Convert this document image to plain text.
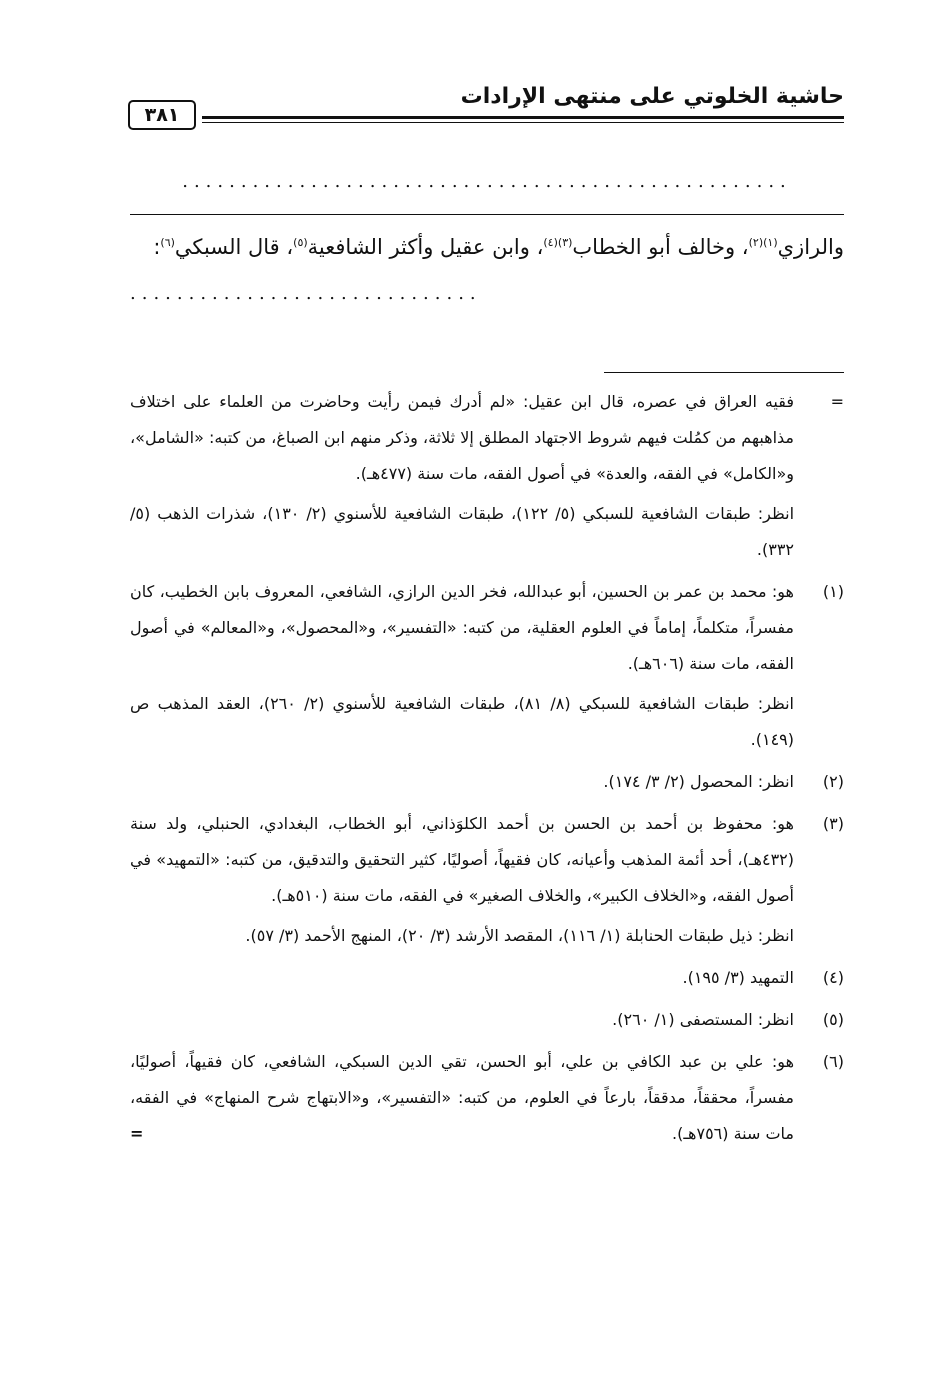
حاشية الخلوتي على منتهى الإرادات
٣٨١
....................................................
والرازي$^{(١)(٢)}$، وخالف أبو الخطاب$^{(٣)(٤)}$، وابن عقيل وأكثر الشافعية$^{(٥)}$، قال السبكي$^{(٦)}$:
..............................
=

فقيه العراق في عصره، قال ابن عقيل: «لم أدرك فيمن رأيت وحاضرت من العلماء على اختلاف مذاهبهم من كمُلت فيهم شروط الاجتهاد المطلق إلا ثلاثة، وذكر منهم ابن الصباغ، من كتبه: «الشامل»، و«الكامل» في الفقه، والعدة» في أصول الفقه، مات سنة (٤٧٧هـ).

انظر: طبقات الشافعية للسبكي (٥/ ١٢٢)، طبقات الشافعية للأسنوي (٢/ ١٣٠)، شذرات الذهب (٥/ ٣٣٢).

(١)

هو: محمد بن عمر بن الحسين، أبو عبدالله، فخر الدين الرازي، الشافعي، المعروف بابن الخطيب، كان مفسراً، متكلماً، إماماً في العلوم العقلية، من كتبه: «التفسير»، و«المحصول»، و«المعالم» في أصول الفقه، مات سنة (٦٠٦هـ).

انظر: طبقات الشافعية للسبكي (٨/ ٨١)، طبقات الشافعية للأسنوي (٢/ ٢٦٠)، العقد المذهب ص (١٤٩).

(٢)

انظر: المحصول (٢/ ٣/ ١٧٤).

(٣)

هو: محفوظ بن أحمد بن الحسن بن أحمد الكلوَذاني، أبو الخطاب، البغدادي، الحنبلي، ولد سنة (٤٣٢هـ)، أحد أئمة المذهب وأعيانه، كان فقيهاً، أصوليًا، كثير التحقيق والتدقيق، من كتبه: «التمهيد» في أصول الفقه، و«الخلاف الكبير»، والخلاف الصغير» في الفقه، مات سنة (٥١٠هـ).

انظر: ذيل طبقات الحنابلة (١/ ١١٦)، المقصد الأرشد (٣/ ٢٠)، المنهج الأحمد (٣/ ٥٧).

(٤)

التمهيد (٣/ ١٩٥).

(٥)

انظر: المستصفى (١/ ٢٦٠).

(٦)

هو: علي بن عبد الكافي بن علي، أبو الحسن، تقي الدين السبكي، الشافعي، كان فقيهاً، أصوليًا، مفسراً، محققاً، مدققاً، بارعاً في العلوم، من كتبه: «التفسير»، و«الابتهاج شرح المنهاج» في الفقه، مات سنة (٧٥٦هـ).

=
